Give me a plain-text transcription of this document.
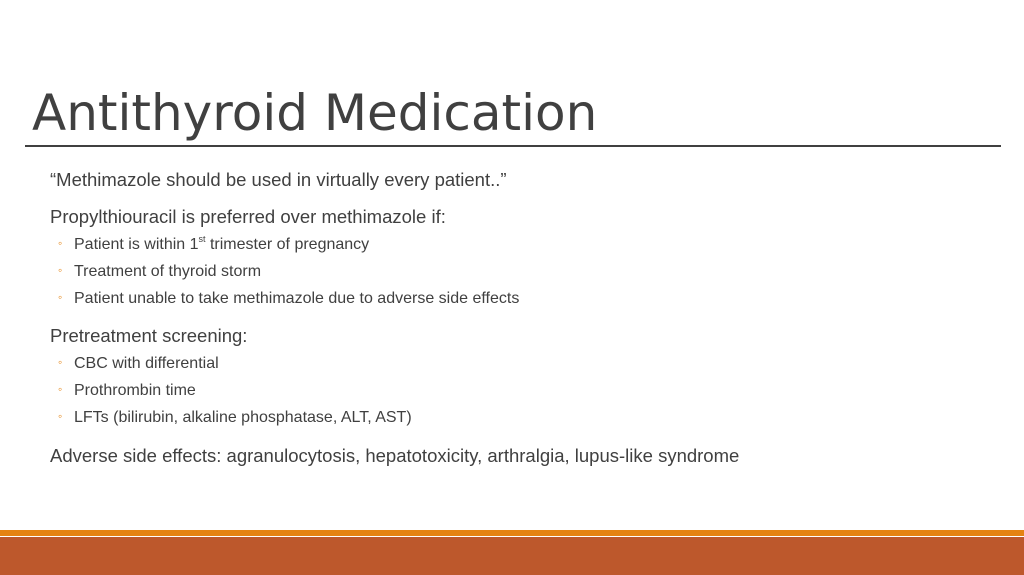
Antithyroid Medication
“Methimazole should be used in virtually every patient..”
Propylthiouracil is preferred over methimazole if:
◦ Patient is within 1st trimester of pregnancy
◦ Treatment of thyroid storm
◦ Patient unable to take methimazole due to adverse side effects
Pretreatment screening:
◦ CBC with differential
◦ Prothrombin time
◦ LFTs (bilirubin, alkaline phosphatase, ALT, AST)
Adverse side effects: agranulocytosis, hepatotoxicity, arthralgia, lupus-like syndrome
